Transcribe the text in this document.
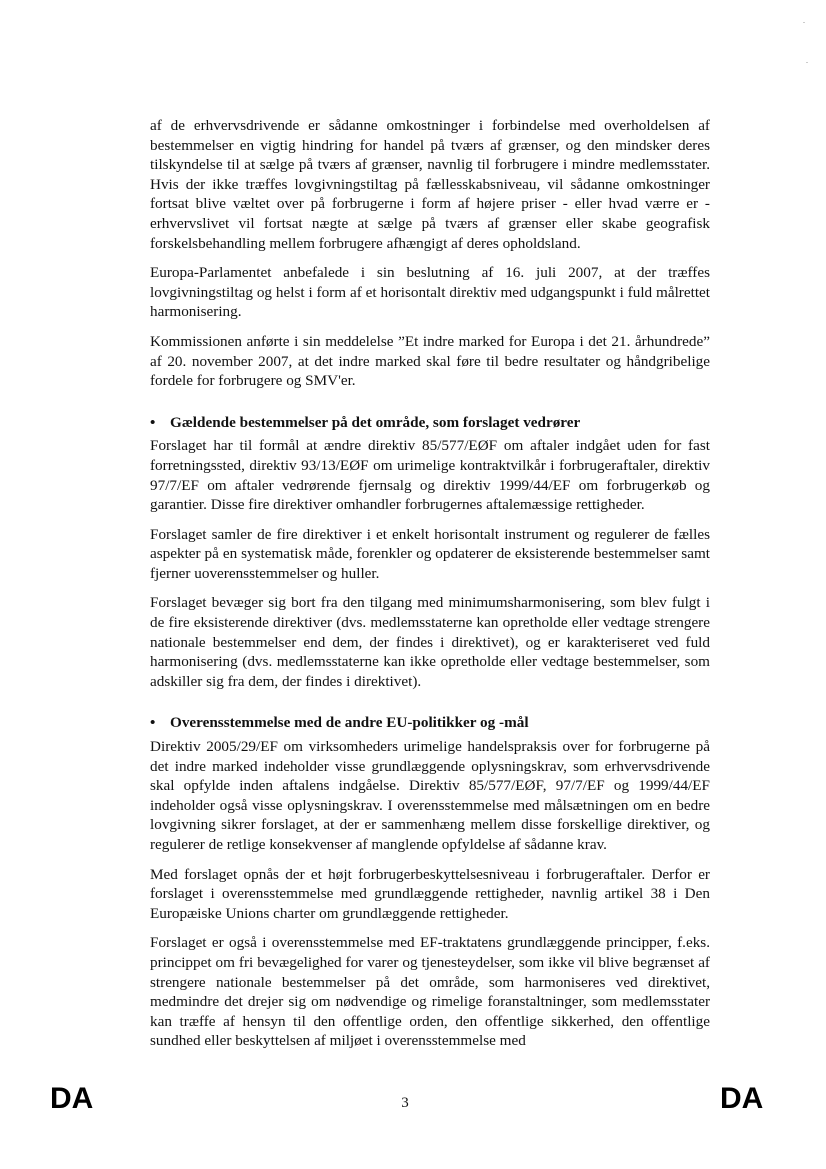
af de erhvervsdrivende er sådanne omkostninger i forbindelse med overholdelsen af bestemmelser en vigtig hindring for handel på tværs af grænser, og den mindsker deres tilskyndelse til at sælge på tværs af grænser, navnlig til forbrugere i mindre medlemsstater. Hvis der ikke træffes lovgivningstiltag på fællesskabsniveau, vil sådanne omkostninger fortsat blive væltet over på forbrugerne i form af højere priser - eller hvad værre er - erhvervslivet vil fortsat nægte at sælge på tværs af grænser eller skabe geografisk forskelsbehandling mellem forbrugere afhængigt af deres opholdsland.

Europa-Parlamentet anbefalede i sin beslutning af 16. juli 2007, at der træffes lovgivningstiltag og helst i form af et horisontalt direktiv med udgangspunkt i fuld målrettet harmonisering.

Kommissionen anførte i sin meddelelse ”Et indre marked for Europa i det 21. århundrede” af 20. november 2007, at det indre marked skal føre til bedre resultater og håndgribelige fordele for forbrugere og SMV'er.

• Gældende bestemmelser på det område, som forslaget vedrører

Forslaget har til formål at ændre direktiv 85/577/EØF om aftaler indgået uden for fast forretningssted, direktiv 93/13/EØF om urimelige kontraktvilkår i forbrugeraftaler, direktiv 97/7/EF om aftaler vedrørende fjernsalg og direktiv 1999/44/EF om forbrugerkøb og garantier. Disse fire direktiver omhandler forbrugernes aftalemæssige rettigheder.

Forslaget samler de fire direktiver i et enkelt horisontalt instrument og regulerer de fælles aspekter på en systematisk måde, forenkler og opdaterer de eksisterende bestemmelser samt fjerner uoverensstemmelser og huller.

Forslaget bevæger sig bort fra den tilgang med minimumsharmonisering, som blev fulgt i de fire eksisterende direktiver (dvs. medlemsstaterne kan opretholde eller vedtage strengere nationale bestemmelser end dem, der findes i direktivet), og er karakteriseret ved fuld harmonisering (dvs. medlemsstaterne kan ikke opretholde eller vedtage bestemmelser, som adskiller sig fra dem, der findes i direktivet).

• Overensstemmelse med de andre EU-politikker og -mål

Direktiv 2005/29/EF om virksomheders urimelige handelspraksis over for forbrugerne på det indre marked indeholder visse grundlæggende oplysningskrav, som erhvervsdrivende skal opfylde inden aftalens indgåelse. Direktiv 85/577/EØF, 97/7/EF og 1999/44/EF indeholder også visse oplysningskrav. I overensstemmelse med målsætningen om en bedre lovgivning sikrer forslaget, at der er sammenhæng mellem disse forskellige direktiver, og regulerer de retlige konsekvenser af manglende opfyldelse af sådanne krav.

Med forslaget opnås der et højt forbrugerbeskyttelsesniveau i forbrugeraftaler. Derfor er forslaget i overensstemmelse med grundlæggende rettigheder, navnlig artikel 38 i Den Europæiske Unions charter om grundlæggende rettigheder.

Forslaget er også i overensstemmelse med EF-traktatens grundlæggende principper, f.eks. princippet om fri bevægelighed for varer og tjenesteydelser, som ikke vil blive begrænset af strengere nationale bestemmelser på det område, som harmoniseres ved direktivet, medmindre det drejer sig om nødvendige og rimelige foranstaltninger, som medlemsstater kan træffe af hensyn til den offentlige orden, den offentlige sikkerhed, den offentlige sundhed eller beskyttelsen af miljøet i overensstemmelse med

DA	3	DA
